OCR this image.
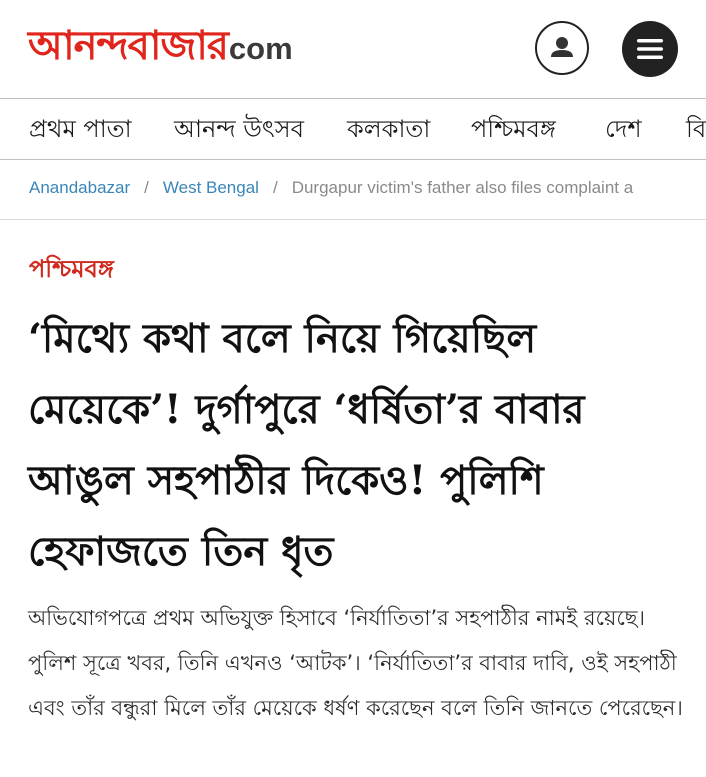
আনন্দবাজার com
প্রথম পাতা আনন্দ উৎসব কলকাতা পশ্চিমবঙ্গ দেশ বি
Anandabazar / West Bengal / Durgapur victim's father also files complaint a
পশ্চিমবঙ্গ
‘মিথ্যে কথা বলে নিয়ে গিয়েছিল মেয়েকে’! দুর্গাপুরে ‘ধর্ষিতা’র বাবার আঙুল সহপাঠীর দিকেও! পুলিশি হেফাজতে তিন ধৃত

অভিযোগপত্রে প্রথম অভিযুক্ত হিসাবে ‘নির্যাতিতা’র সহপাঠীর নামই রয়েছে। পুলিশ সূত্রে খবর, তিনি এখনও ‘আটক’। ‘নির্যাতিতা’র বাবার দাবি, ওই সহপাঠী এবং তাঁর বন্ধুরা মিলে তাঁর মেয়েকে ধর্ষণ করেছেন বলে তিনি জানতে পেরেছেন।
